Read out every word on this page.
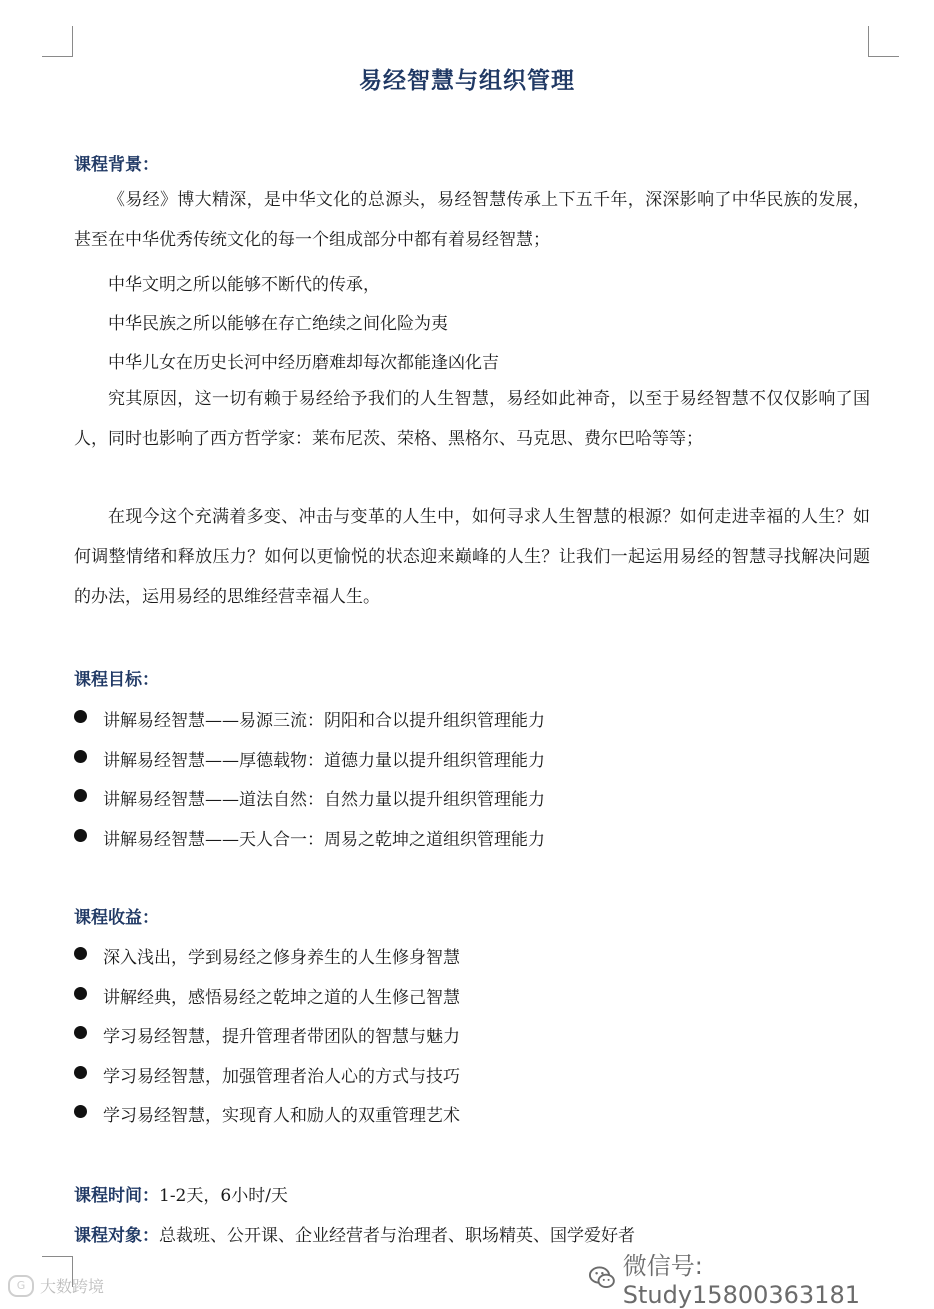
易经智慧与组织管理
课程背景：
《易经》博大精深，是中华文化的总源头，易经智慧传承上下五千年，深深影响了中华民族的发展，甚至在中华优秀传统文化的每一个组成部分中都有着易经智慧；
中华文明之所以能够不断代的传承，
中华民族之所以能够在存亡绝续之间化险为夷
中华儿女在历史长河中经历磨难却每次都能逢凶化吉
究其原因，这一切有赖于易经给予我们的人生智慧，易经如此神奇，以至于易经智慧不仅仅影响了国人，同时也影响了西方哲学家：莱布尼茨、荣格、黑格尔、马克思、费尔巴哈等等；
在现今这个充满着多变、冲击与变革的人生中，如何寻求人生智慧的根源？如何走进幸福的人生？如何调整情绪和释放压力？如何以更愉悦的状态迎来巅峰的人生？让我们一起运用易经的智慧寻找解决问题的办法，运用易经的思维经营幸福人生。
课程目标：
讲解易经智慧——易源三流：阴阳和合以提升组织管理能力
讲解易经智慧——厚德载物：道德力量以提升组织管理能力
讲解易经智慧——道法自然：自然力量以提升组织管理能力
讲解易经智慧——天人合一：周易之乾坤之道组织管理能力
课程收益：
深入浅出，学到易经之修身养生的人生修身智慧
讲解经典，感悟易经之乾坤之道的人生修己智慧
学习易经智慧，提升管理者带团队的智慧与魅力
学习易经智慧，加强管理者治人心的方式与技巧
学习易经智慧，实现育人和励人的双重管理艺术
课程时间：1-2天，6小时/天
课程对象：总裁班、公开课、企业经营者与治理者、职场精英、国学爱好者
G 大数跨境
微信号: Study15800363181
